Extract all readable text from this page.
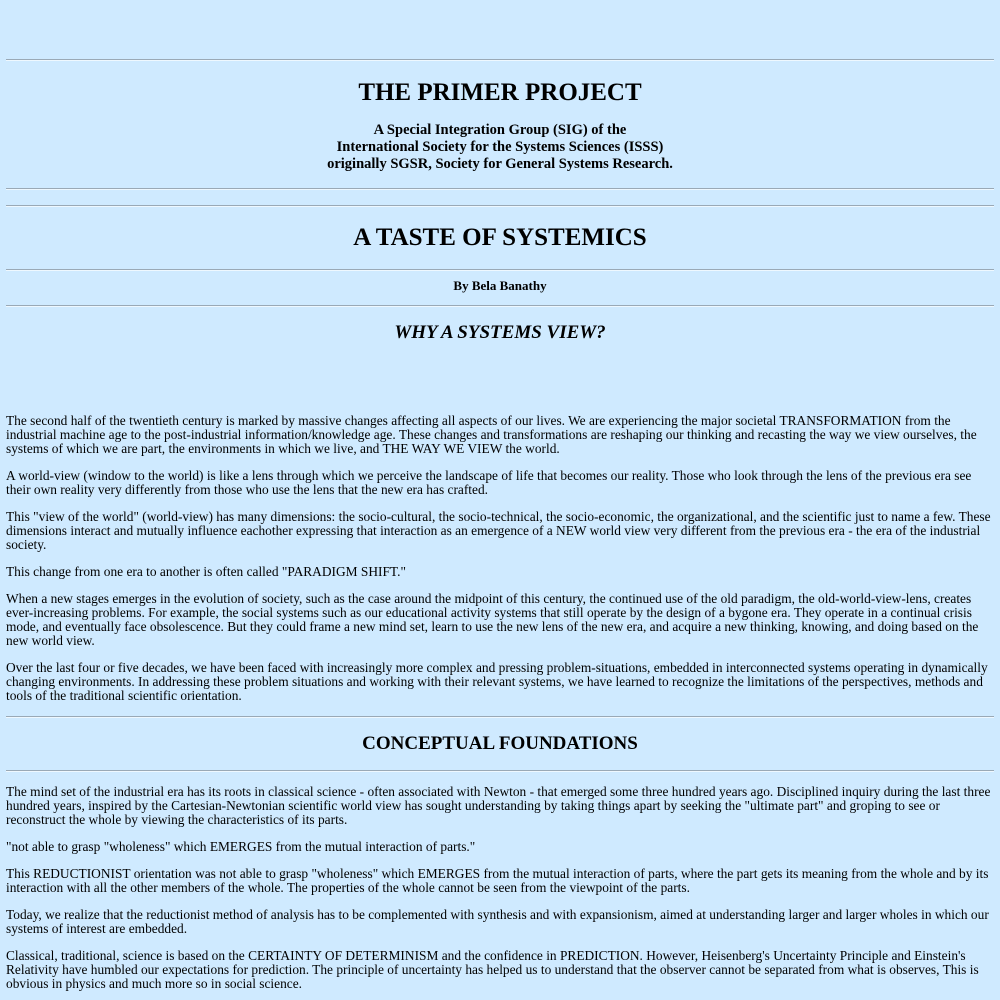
THE PRIMER PROJECT
A Special Integration Group (SIG) of the
International Society for the Systems Sciences (ISSS)
originally SGSR, Society for General Systems Research.
A TASTE OF SYSTEMICS
By Bela Banathy
WHY A SYSTEMS VIEW?

The second half of the twentieth century is marked by massive changes affecting all aspects of our lives. We are experiencing the major societal TRANSFORMATION from the industrial machine age to the post-industrial information/knowledge age. These changes and transformations are reshaping our thinking and recasting the way we view ourselves, the systems of which we are part, the environments in which we live, and THE WAY WE VIEW the world.

A world-view (window to the world) is like a lens through which we perceive the landscape of life that becomes our reality. Those who look through the lens of the previous era see their own reality very differently from those who use the lens that the new era has crafted.

This "view of the world" (world-view) has many dimensions: the socio-cultural, the socio-technical, the socio-economic, the organizational, and the scientific just to name a few. These dimensions interact and mutually influence eachother expressing that interaction as an emergence of a NEW world view very different from the previous era - the era of the industrial society.

This change from one era to another is often called "PARADIGM SHIFT."

When a new stages emerges in the evolution of society, such as the case around the midpoint of this century, the continued use of the old paradigm, the old-world-view-lens, creates ever-increasing problems. For example, the social systems such as our educational activity systems that still operate by the design of a bygone era. They operate in a continual crisis mode, and eventually face obsolescence. But they could frame a new mind set, learn to use the new lens of the new era, and acquire a new thinking, knowing, and doing based on the new world view.

Over the last four or five decades, we have been faced with increasingly more complex and pressing problem-situations, embedded in interconnected systems operating in dynamically changing environments. In addressing these problem situations and working with their relevant systems, we have learned to recognize the limitations of the perspectives, methods and tools of the traditional scientific orientation.

CONCEPTUAL FOUNDATIONS

The mind set of the industrial era has its roots in classical science - often associated with Newton - that emerged some three hundred years ago. Disciplined inquiry during the last three hundred years, inspired by the Cartesian-Newtonian scientific world view has sought understanding by taking things apart by seeking the "ultimate part" and groping to see or reconstruct the whole by viewing the characteristics of its parts.

"not able to grasp "wholeness" which EMERGES from the mutual interaction of parts."

This REDUCTIONIST orientation was not able to grasp "wholeness" which EMERGES from the mutual interaction of parts, where the part gets its meaning from the whole and by its interaction with all the other members of the whole. The properties of the whole cannot be seen from the viewpoint of the parts.

Today, we realize that the reductionist method of analysis has to be complemented with synthesis and with expansionism, aimed at understanding larger and larger wholes in which our systems of interest are embedded.

Classical, traditional, science is based on the CERTAINTY OF DETERMINISM and the confidence in PREDICTION. However, Heisenberg's Uncertainty Principle and Einstein's Relativity have humbled our expectations for prediction. The principle of uncertainty has helped us to understand that the observer cannot be separated from what is observes, This is obvious in physics and much more so in social science.
